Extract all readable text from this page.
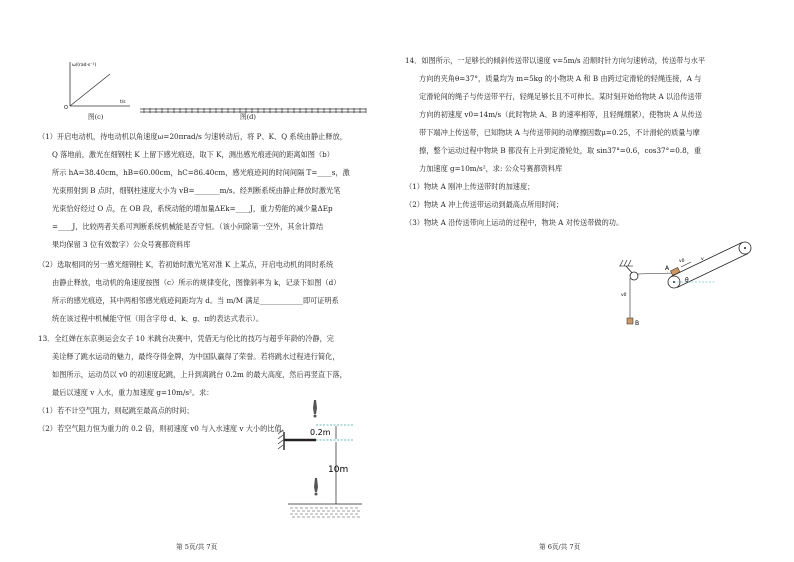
ω/(rad·s⁻¹)
t/s
O
图(c)	图(d)
（1）开启电动机，待电动机以角速度ω=20πrad/s 匀速转动后，将 P、K、Q 系统由静止释放，
Q 落地前，激光在细钢柱 K 上留下感光痕迹，取下 K，测出感光痕迹间的距离如图（b）
所示 hA=38.40cm，hB=60.00cm，hC=86.40cm，感光痕迹间的时间间隔 T=____s，激
光束照射到 B 点时，细钢柱速度大小为 vB=_______m/s。经判断系统由静止释放时激光笔
光束恰好经过 O 点，在 OB 段，系统动能的增加量ΔEk=____J，重力势能的减少量ΔEp
=____J，比较两者关系可判断系统机械能是否守恒。（该小问除第一空外，其余计算结
果均保留 3 位有效数字）公众号赛都资料库
（2）选取相同的另一感光细钢柱 K，若初始时激光笔对准 K 上某点，开启电动机的同时系统
由静止释放，电动机的角速度按图（c）所示的规律变化，图像斜率为 k，记录下如图（d）
所示的感光痕迹，其中两相邻感光痕迹间距均为 d。当 m/M 满足____________即可证明系
统在该过程中机械能守恒（用含字母 d、k、g、π的表达式表示）。
13．全红婵在东京奥运会女子 10 米跳台决赛中，凭借无与伦比的技巧与超乎年龄的冷静，完
美诠释了跳水运动的魅力，最终夺得金牌，为中国队赢得了荣誉。若将跳水过程进行简化，
如图所示，运动员以 v0 的初速度起跳，上升到离跳台 0.2m 的最大高度，然后再竖直下落，
最后以速度 v 入水，重力加速度 g=10m/s²。求：
（1）若不计空气阻力，则起跳至最高点的时间；
（2）若空气阻力恒为重力的 0.2 倍，则初速度 v0 与入水速度 v 大小的比值。	0.2m
10m
第 5页/共 7页
14．如图所示，一足够长的倾斜传送带以速度 v=5m/s 沿顺时针方向匀速转动，传送带与水平
方向的夹角θ=37°，质量均为 m=5kg 的小物块 A 和 B 由跨过定滑轮的轻绳连接，A 与
定滑轮间的绳子与传送带平行，轻绳足够长且不可伸长。某时刻开始给物块 A 以沿传送带
方向的初速度 v0=14m/s（此时物块 A、B 的速率相等，且轻绳绷紧），使物块 A 从传送
带下端冲上传送带，已知物块 A 与传送带间的动摩擦因数μ=0.25，不计滑轮的质量与摩
擦，整个运动过程中物块 B 都没有上升到定滑轮处，取 sin37°=0.6，cos37°=0.8，重
力加速度 g=10m/s²，求: 公众号赛都资料库
（1）物块 A 刚冲上传送带时的加速度；
（2）物块 A 冲上传送带运动到最高点所用时间；
（3）物块 A 沿传送带向上运动的过程中，物块 A 对传送带做的功。
A
v0	v
θ
v0
B
第 6页/共 7页
